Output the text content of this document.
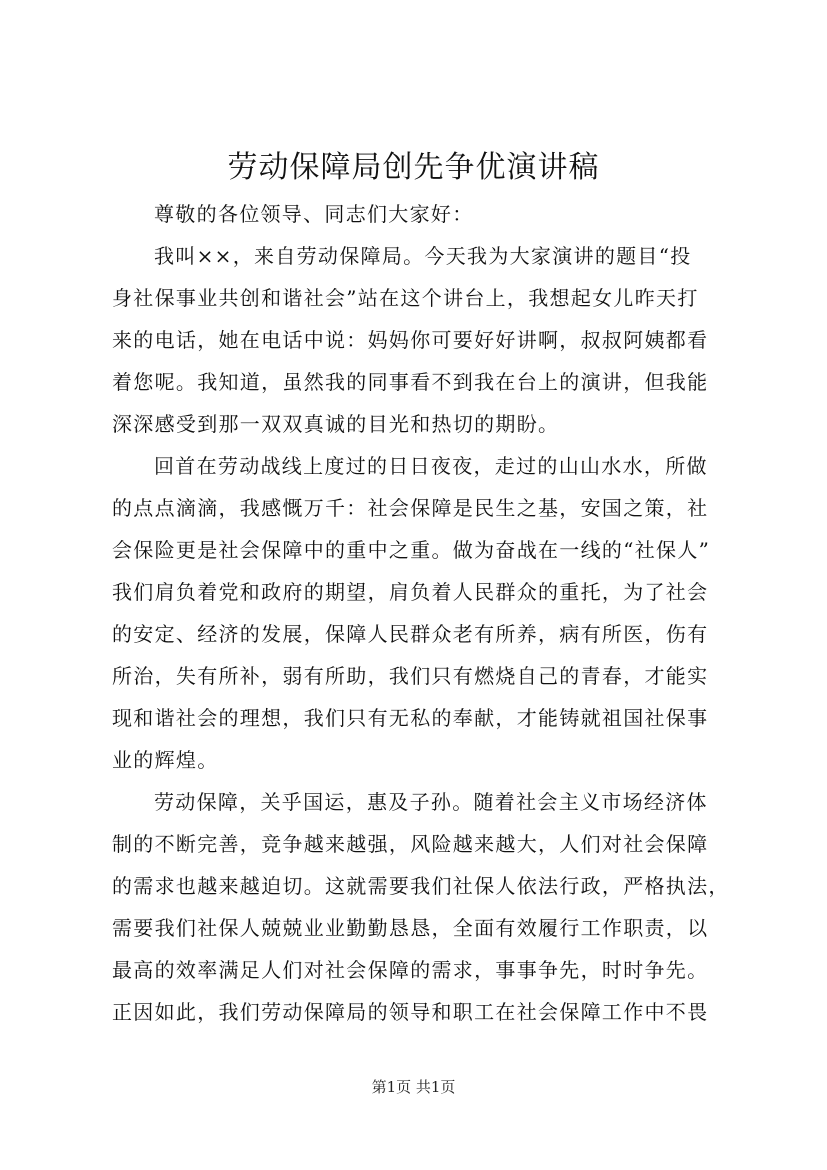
劳动保障局创先争优演讲稿
尊敬的各位领导、同志们大家好：
我叫××，来自劳动保障局。今天我为大家演讲的题目“投
身社保事业共创和谐社会”站在这个讲台上，我想起女儿昨天打
来的电话，她在电话中说：妈妈你可要好好讲啊，叔叔阿姨都看
着您呢。我知道，虽然我的同事看不到我在台上的演讲，但我能
深深感受到那一双双真诚的目光和热切的期盼。
回首在劳动战线上度过的日日夜夜，走过的山山水水，所做
的点点滴滴，我感慨万千：社会保障是民生之基，安国之策，社
会保险更是社会保障中的重中之重。做为奋战在一线的“社保人”
我们肩负着党和政府的期望，肩负着人民群众的重托，为了社会
的安定、经济的发展，保障人民群众老有所养，病有所医，伤有
所治，失有所补，弱有所助，我们只有燃烧自己的青春，才能实
现和谐社会的理想，我们只有无私的奉献，才能铸就祖国社保事
业的辉煌。
劳动保障，关乎国运，惠及子孙。随着社会主义市场经济体
制的不断完善，竞争越来越强，风险越来越大，人们对社会保障
的需求也越来越迫切。这就需要我们社保人依法行政，严格执法，
需要我们社保人兢兢业业勤勤恳恳，全面有效履行工作职责，以
最高的效率满足人们对社会保障的需求，事事争先，时时争先。
正因如此，我们劳动保障局的领导和职工在社会保障工作中不畏
第1页 共1页
